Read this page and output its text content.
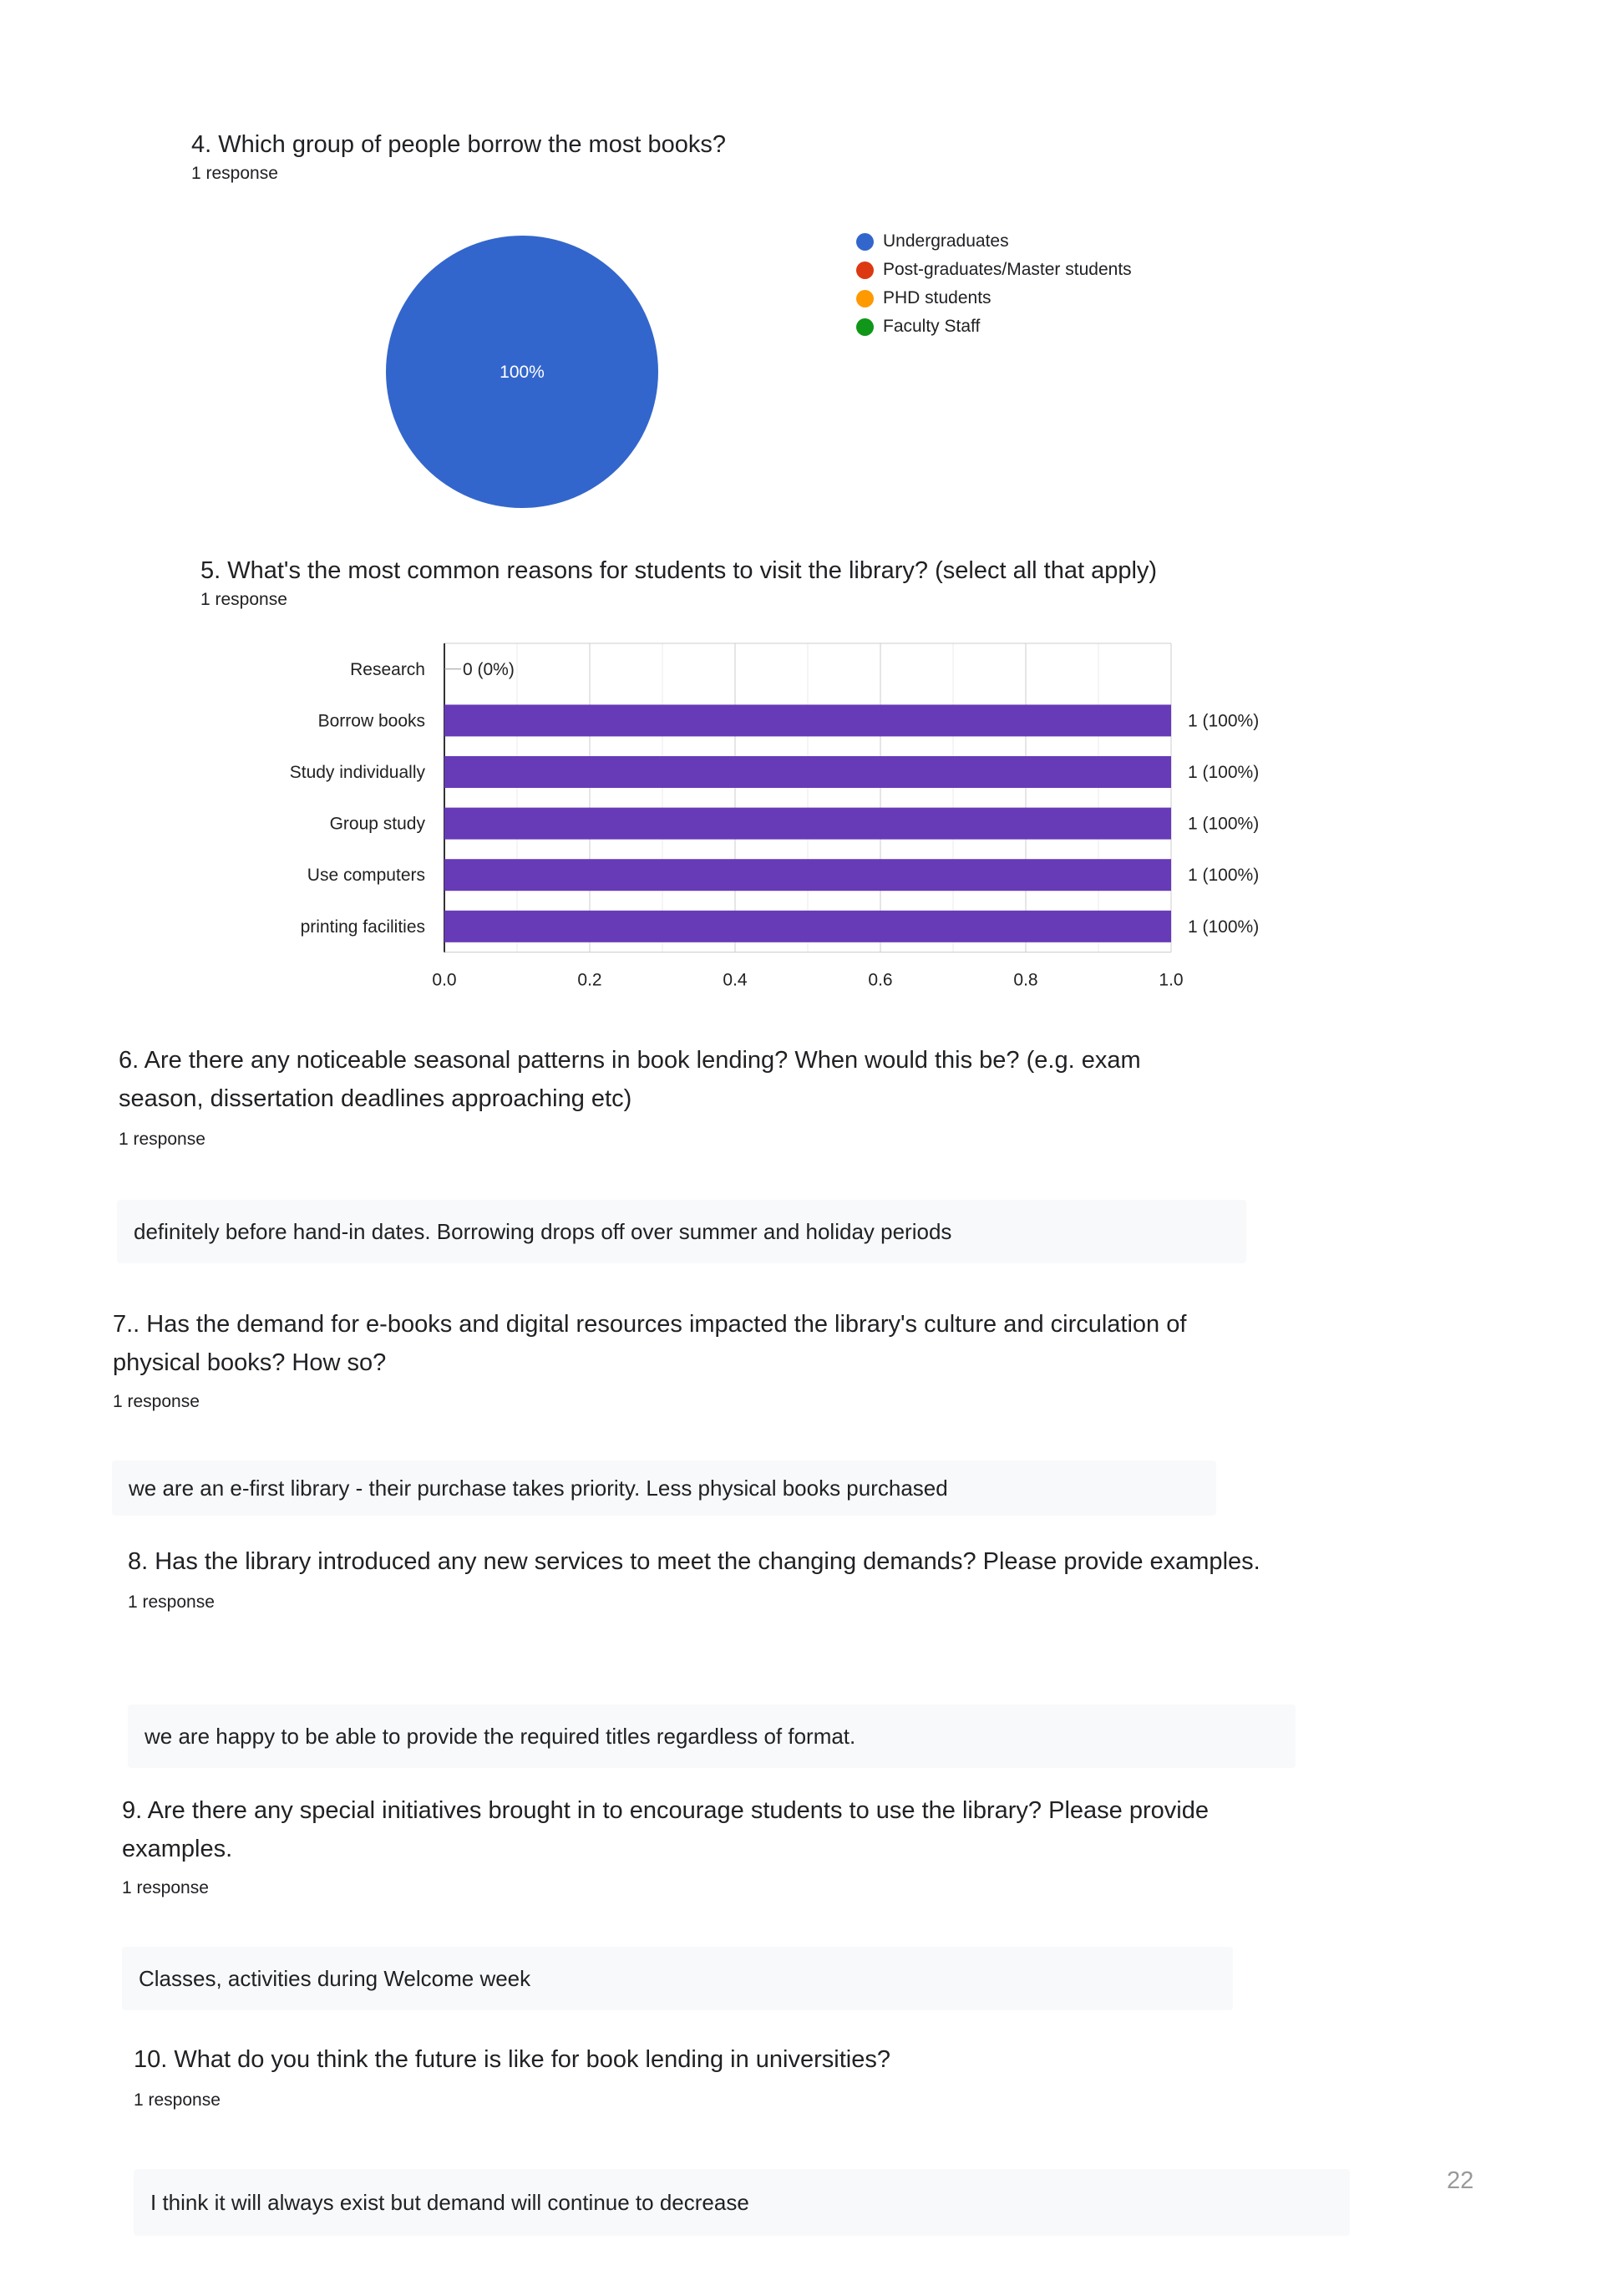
4. Which group of people borrow the most books?
1 response
100%
Undergraduates
Post-graduates/Master students
PHD students
Faculty Staff
5. What's the most common reasons for students to visit the library? (select all that apply)
1 response
Research 0 (0%)
Borrow books	1 (100%)
Study individually	1 (100%)
Group study	1 (100%)
Use computers	1 (100%)
printing facilities	1 (100%)
0.0	0.2	0.4	0.6	0.8	1.0
6. Are there any noticeable seasonal patterns in book lending? When would this be? (e.g. exam season, dissertation deadlines approaching etc)
1 response
definitely before hand-in dates. Borrowing drops off over summer and holiday periods
7.. Has the demand for e-books and digital resources impacted the library's culture and circulation of physical books? How so?
1 response
we are an e-first library - their purchase takes priority. Less physical books purchased
8. Has the library introduced any new services to meet the changing demands? Please provide examples.
1 response
we are happy to be able to provide the required titles regardless of format.
9. Are there any special initiatives brought in to encourage students to use the library? Please provide examples.
1 response
Classes, activities during Welcome week
10. What do you think the future is like for book lending in universities?
1 response
I think it will always exist but demand will continue to decrease
22
